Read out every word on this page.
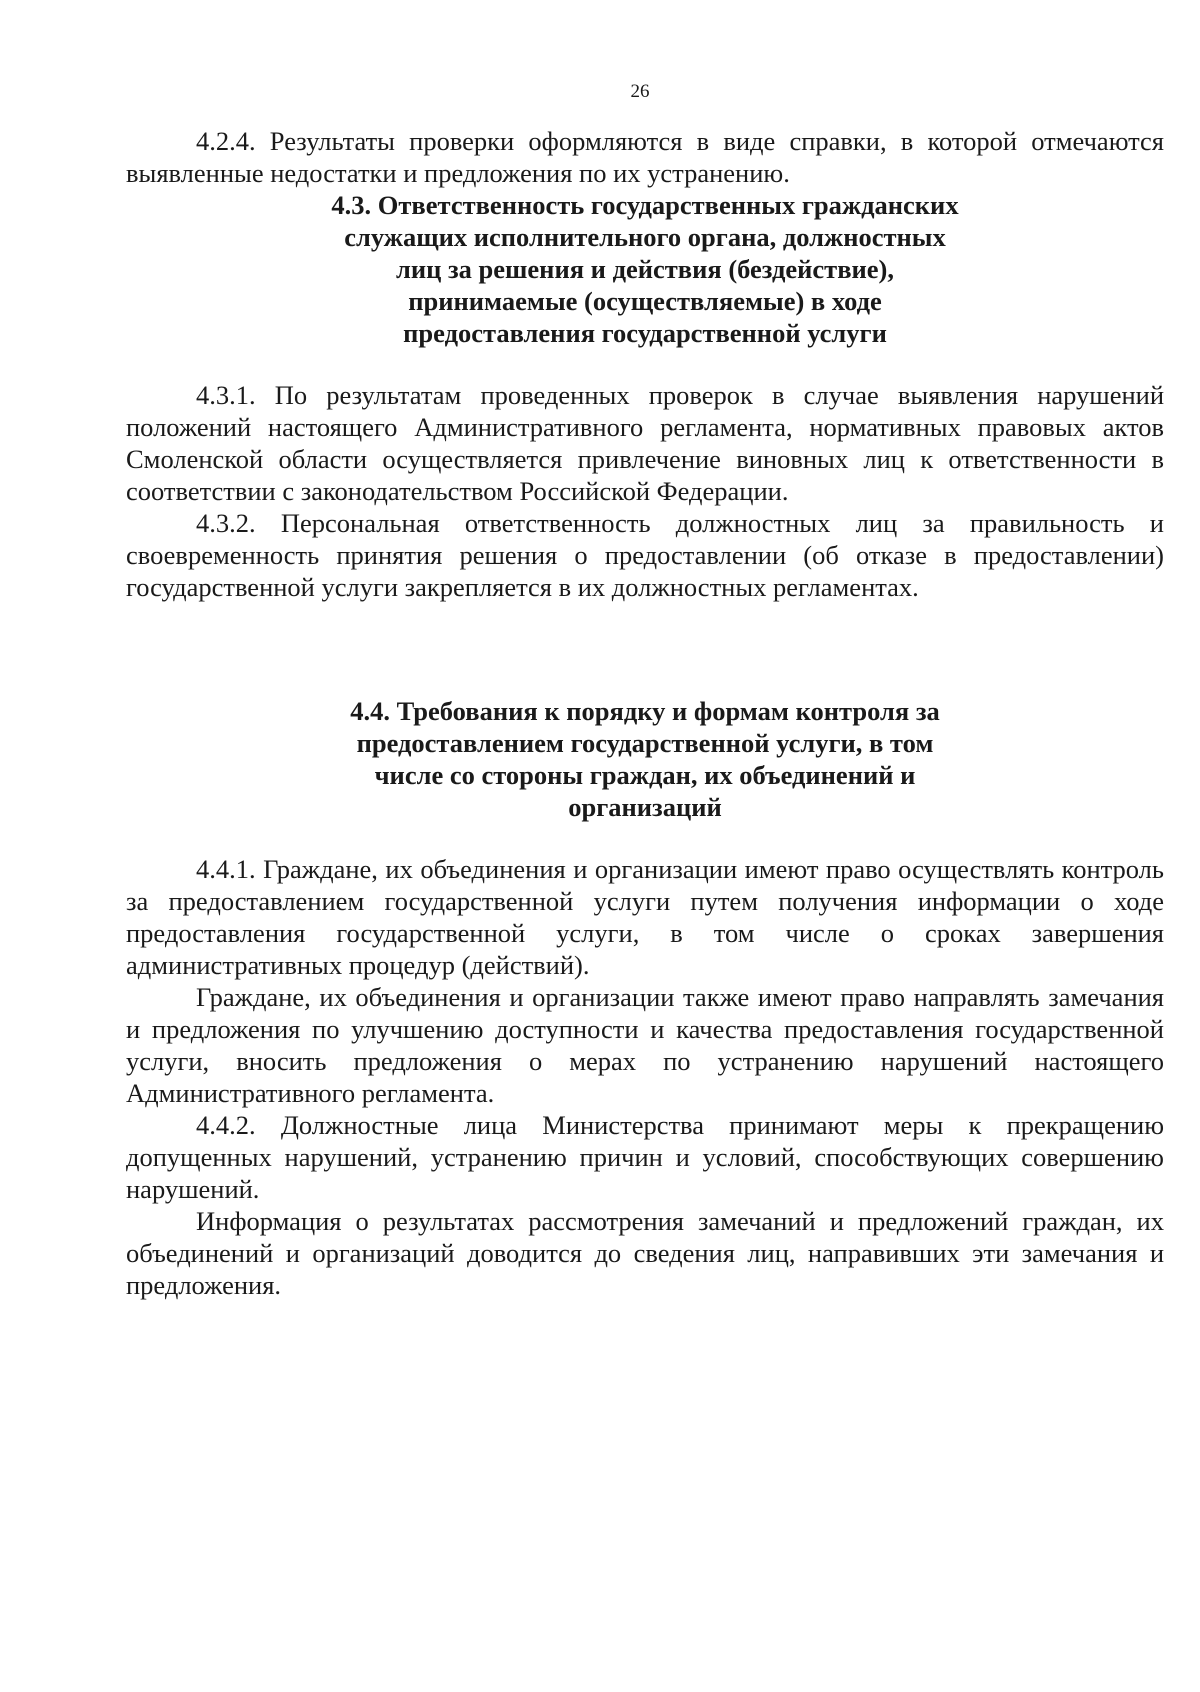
26

4.2.4. Результаты проверки оформляются в виде справки, в которой отмечаются выявленные недостатки и предложения по их устранению.

4.3. Ответственность государственных гражданских
служащих исполнительного органа, должностных
лиц за решения и действия (бездействие),
принимаемые (осуществляемые) в ходе
предоставления государственной услуги

4.3.1. По результатам проведенных проверок в случае выявления нарушений положений настоящего Административного регламента, нормативных правовых актов Смоленской области осуществляется привлечение виновных лиц к ответственности в соответствии с законодательством Российской Федерации.

4.3.2. Персональная ответственность должностных лиц за правильность и своевременность принятия решения о предоставлении (об отказе в предоставлении) государственной услуги закрепляется в их должностных регламентах.

4.4. Требования к порядку и формам контроля за
предоставлением государственной услуги, в том
числе со стороны граждан, их объединений и
организаций

4.4.1. Граждане, их объединения и организации имеют право осуществлять контроль за предоставлением государственной услуги путем получения информации о ходе предоставления государственной услуги, в том числе о сроках завершения административных процедур (действий).

Граждане, их объединения и организации также имеют право направлять замечания и предложения по улучшению доступности и качества предоставления государственной услуги, вносить предложения о мерах по устранению нарушений настоящего Административного регламента.

4.4.2. Должностные лица Министерства принимают меры к прекращению допущенных нарушений, устранению причин и условий, способствующих совершению нарушений.

Информация о результатах рассмотрения замечаний и предложений граждан, их объединений и организаций доводится до сведения лиц, направивших эти замечания и предложения.
